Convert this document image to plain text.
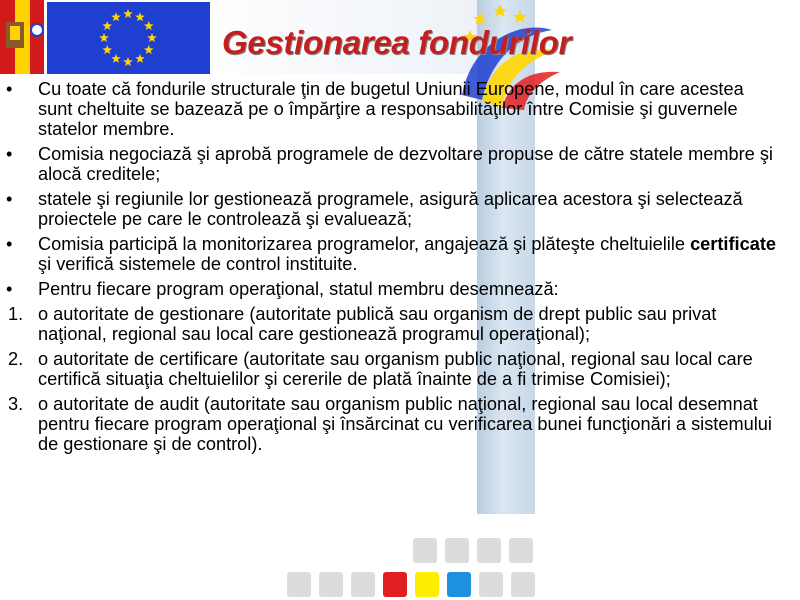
Gestionarea fondurilor
•	Cu toate că fondurile structurale ţin de bugetul Uniunii Europene, modul în care acestea sunt cheltuite se bazează pe o împărţire a responsabilităţilor între Comisie şi guvernele statelor membre.
•	Comisia negociază şi aprobă programele de dezvoltare propuse de către statele membre şi alocă creditele;
•	statele şi regiunile lor gestionează programele, asigură aplicarea acestora şi selectează proiectele pe care le controlează şi evaluează;
•	Comisia participă la monitorizarea programelor, angajează şi plăteşte cheltuielile certificate şi verifică sistemele de control instituite.
•	Pentru fiecare program operaţional, statul membru desemnează:
1. o autoritate de gestionare (autoritate publică sau organism de drept public sau privat naţional, regional sau local care gestionează programul operaţional);
2. o autoritate de certificare (autoritate sau organism public naţional, regional sau local care certifică situaţia cheltuielilor şi cererile de plată înainte de a fi trimise Comisiei);
3. o autoritate de audit (autoritate sau organism public naţional, regional sau local desemnat pentru fiecare program operaţional şi însărcinat cu verificarea bunei funcţionări a sistemului de gestionare şi de control).
